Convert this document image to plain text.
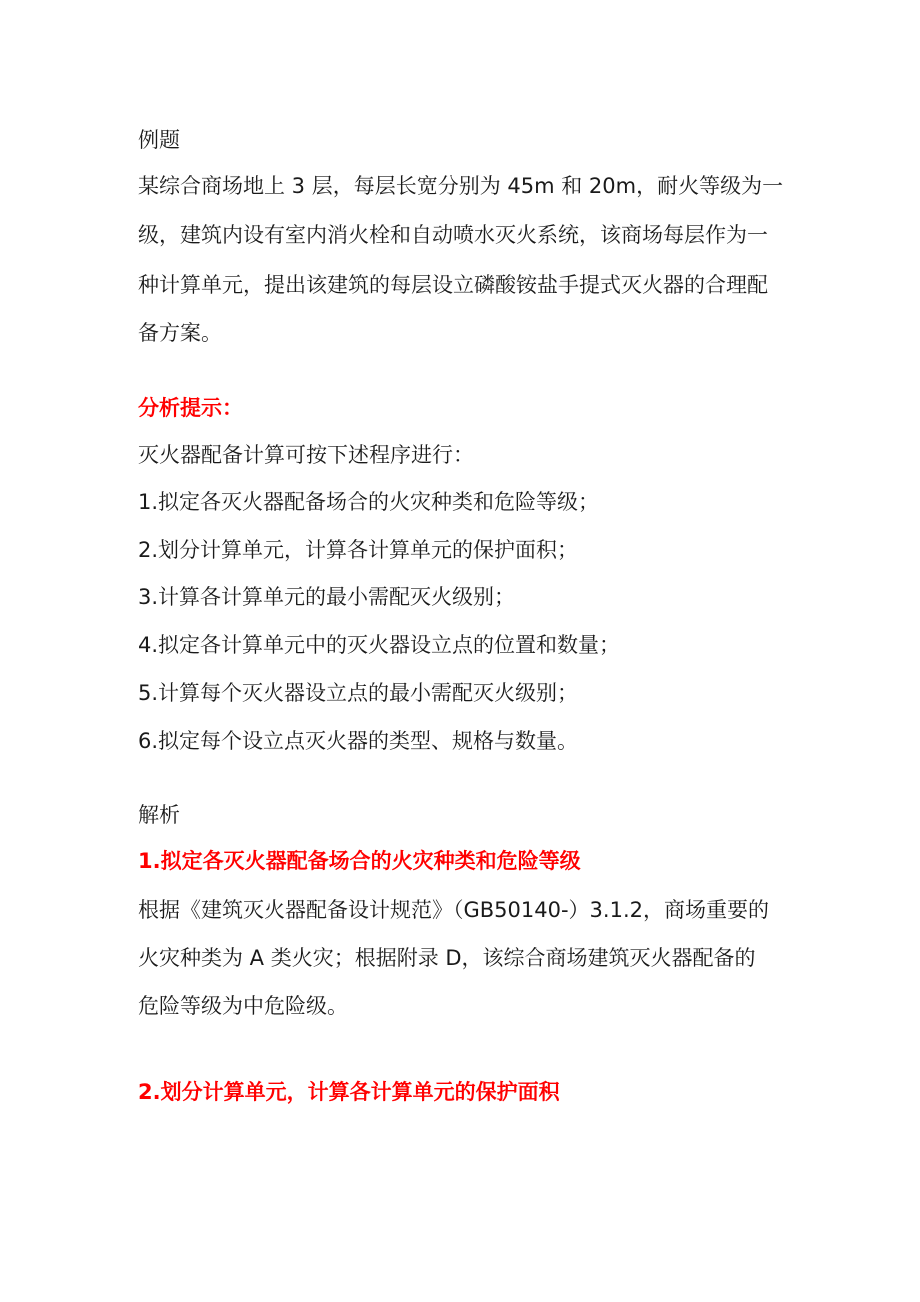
例题
某综合商场地上 3 层，每层长宽分别为 45m 和 20m，耐火等级为一
级，建筑内设有室内消火栓和自动喷水灭火系统，该商场每层作为一
种计算单元，提出该建筑的每层设立磷酸铵盐手提式灭火器的合理配
备方案。
分析提示：
灭火器配备计算可按下述程序进行：
1.拟定各灭火器配备场合的火灾种类和危险等级；
2.划分计算单元，计算各计算单元的保护面积；
3.计算各计算单元的最小需配灭火级别；
4.拟定各计算单元中的灭火器设立点的位置和数量；
5.计算每个灭火器设立点的最小需配灭火级别；
6.拟定每个设立点灭火器的类型、规格与数量。
解析
1.拟定各灭火器配备场合的火灾种类和危险等级
根据《建筑灭火器配备设计规范》（GB50140-）3.1.2，商场重要的
火灾种类为 A 类火灾；根据附录 D，该综合商场建筑灭火器配备的
危险等级为中危险级。
2.划分计算单元，计算各计算单元的保护面积
